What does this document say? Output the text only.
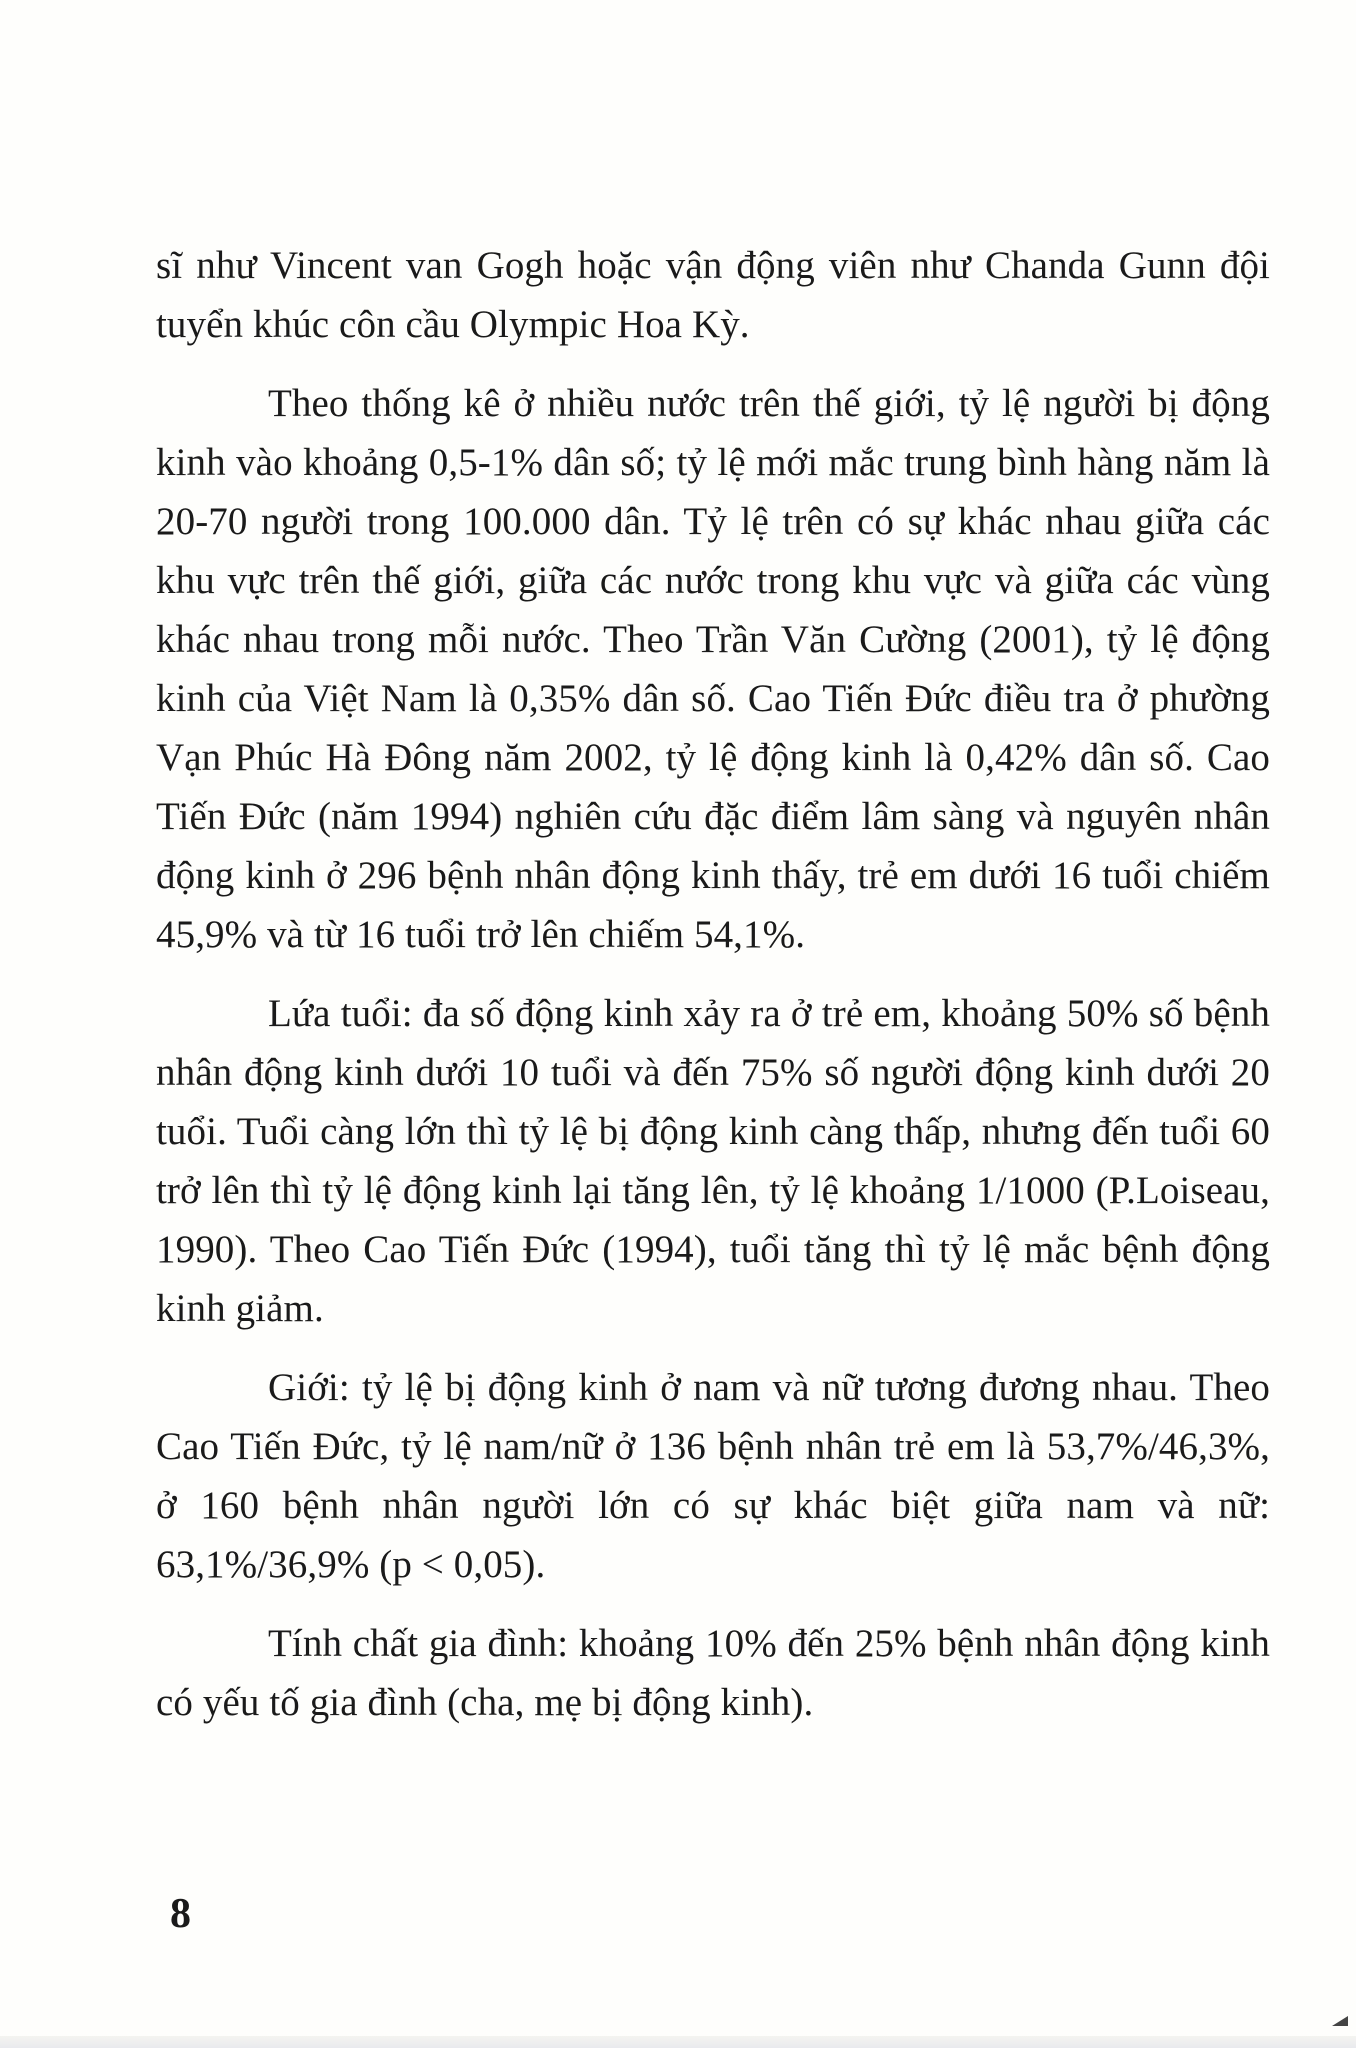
sĩ như Vincent van Gogh hoặc vận động viên như Chanda Gunn đội tuyển khúc côn cầu Olympic Hoa Kỳ.

Theo thống kê ở nhiều nước trên thế giới, tỷ lệ người bị động kinh vào khoảng 0,5-1% dân số; tỷ lệ mới mắc trung bình hàng năm là 20-70 người trong 100.000 dân. Tỷ lệ trên có sự khác nhau giữa các khu vực trên thế giới, giữa các nước trong khu vực và giữa các vùng khác nhau trong mỗi nước. Theo Trần Văn Cường (2001), tỷ lệ động kinh của Việt Nam là 0,35% dân số. Cao Tiến Đức điều tra ở phường Vạn Phúc Hà Đông năm 2002, tỷ lệ động kinh là 0,42% dân số. Cao Tiến Đức (năm 1994) nghiên cứu đặc điểm lâm sàng và nguyên nhân động kinh ở 296 bệnh nhân động kinh thấy, trẻ em dưới 16 tuổi chiếm 45,9% và từ 16 tuổi trở lên chiếm 54,1%.

Lứa tuổi: đa số động kinh xảy ra ở trẻ em, khoảng 50% số bệnh nhân động kinh dưới 10 tuổi và đến 75% số người động kinh dưới 20 tuổi. Tuổi càng lớn thì tỷ lệ bị động kinh càng thấp, nhưng đến tuổi 60 trở lên thì tỷ lệ động kinh lại tăng lên, tỷ lệ khoảng 1/1000 (P.Loiseau, 1990). Theo Cao Tiến Đức (1994), tuổi tăng thì tỷ lệ mắc bệnh động kinh giảm.

Giới: tỷ lệ bị động kinh ở nam và nữ tương đương nhau. Theo Cao Tiến Đức, tỷ lệ nam/nữ ở 136 bệnh nhân trẻ em là 53,7%/46,3%, ở 160 bệnh nhân người lớn có sự khác biệt giữa nam và nữ: 63,1%/36,9% (p < 0,05).

Tính chất gia đình: khoảng 10% đến 25% bệnh nhân động kinh có yếu tố gia đình (cha, mẹ bị động kinh).

8
